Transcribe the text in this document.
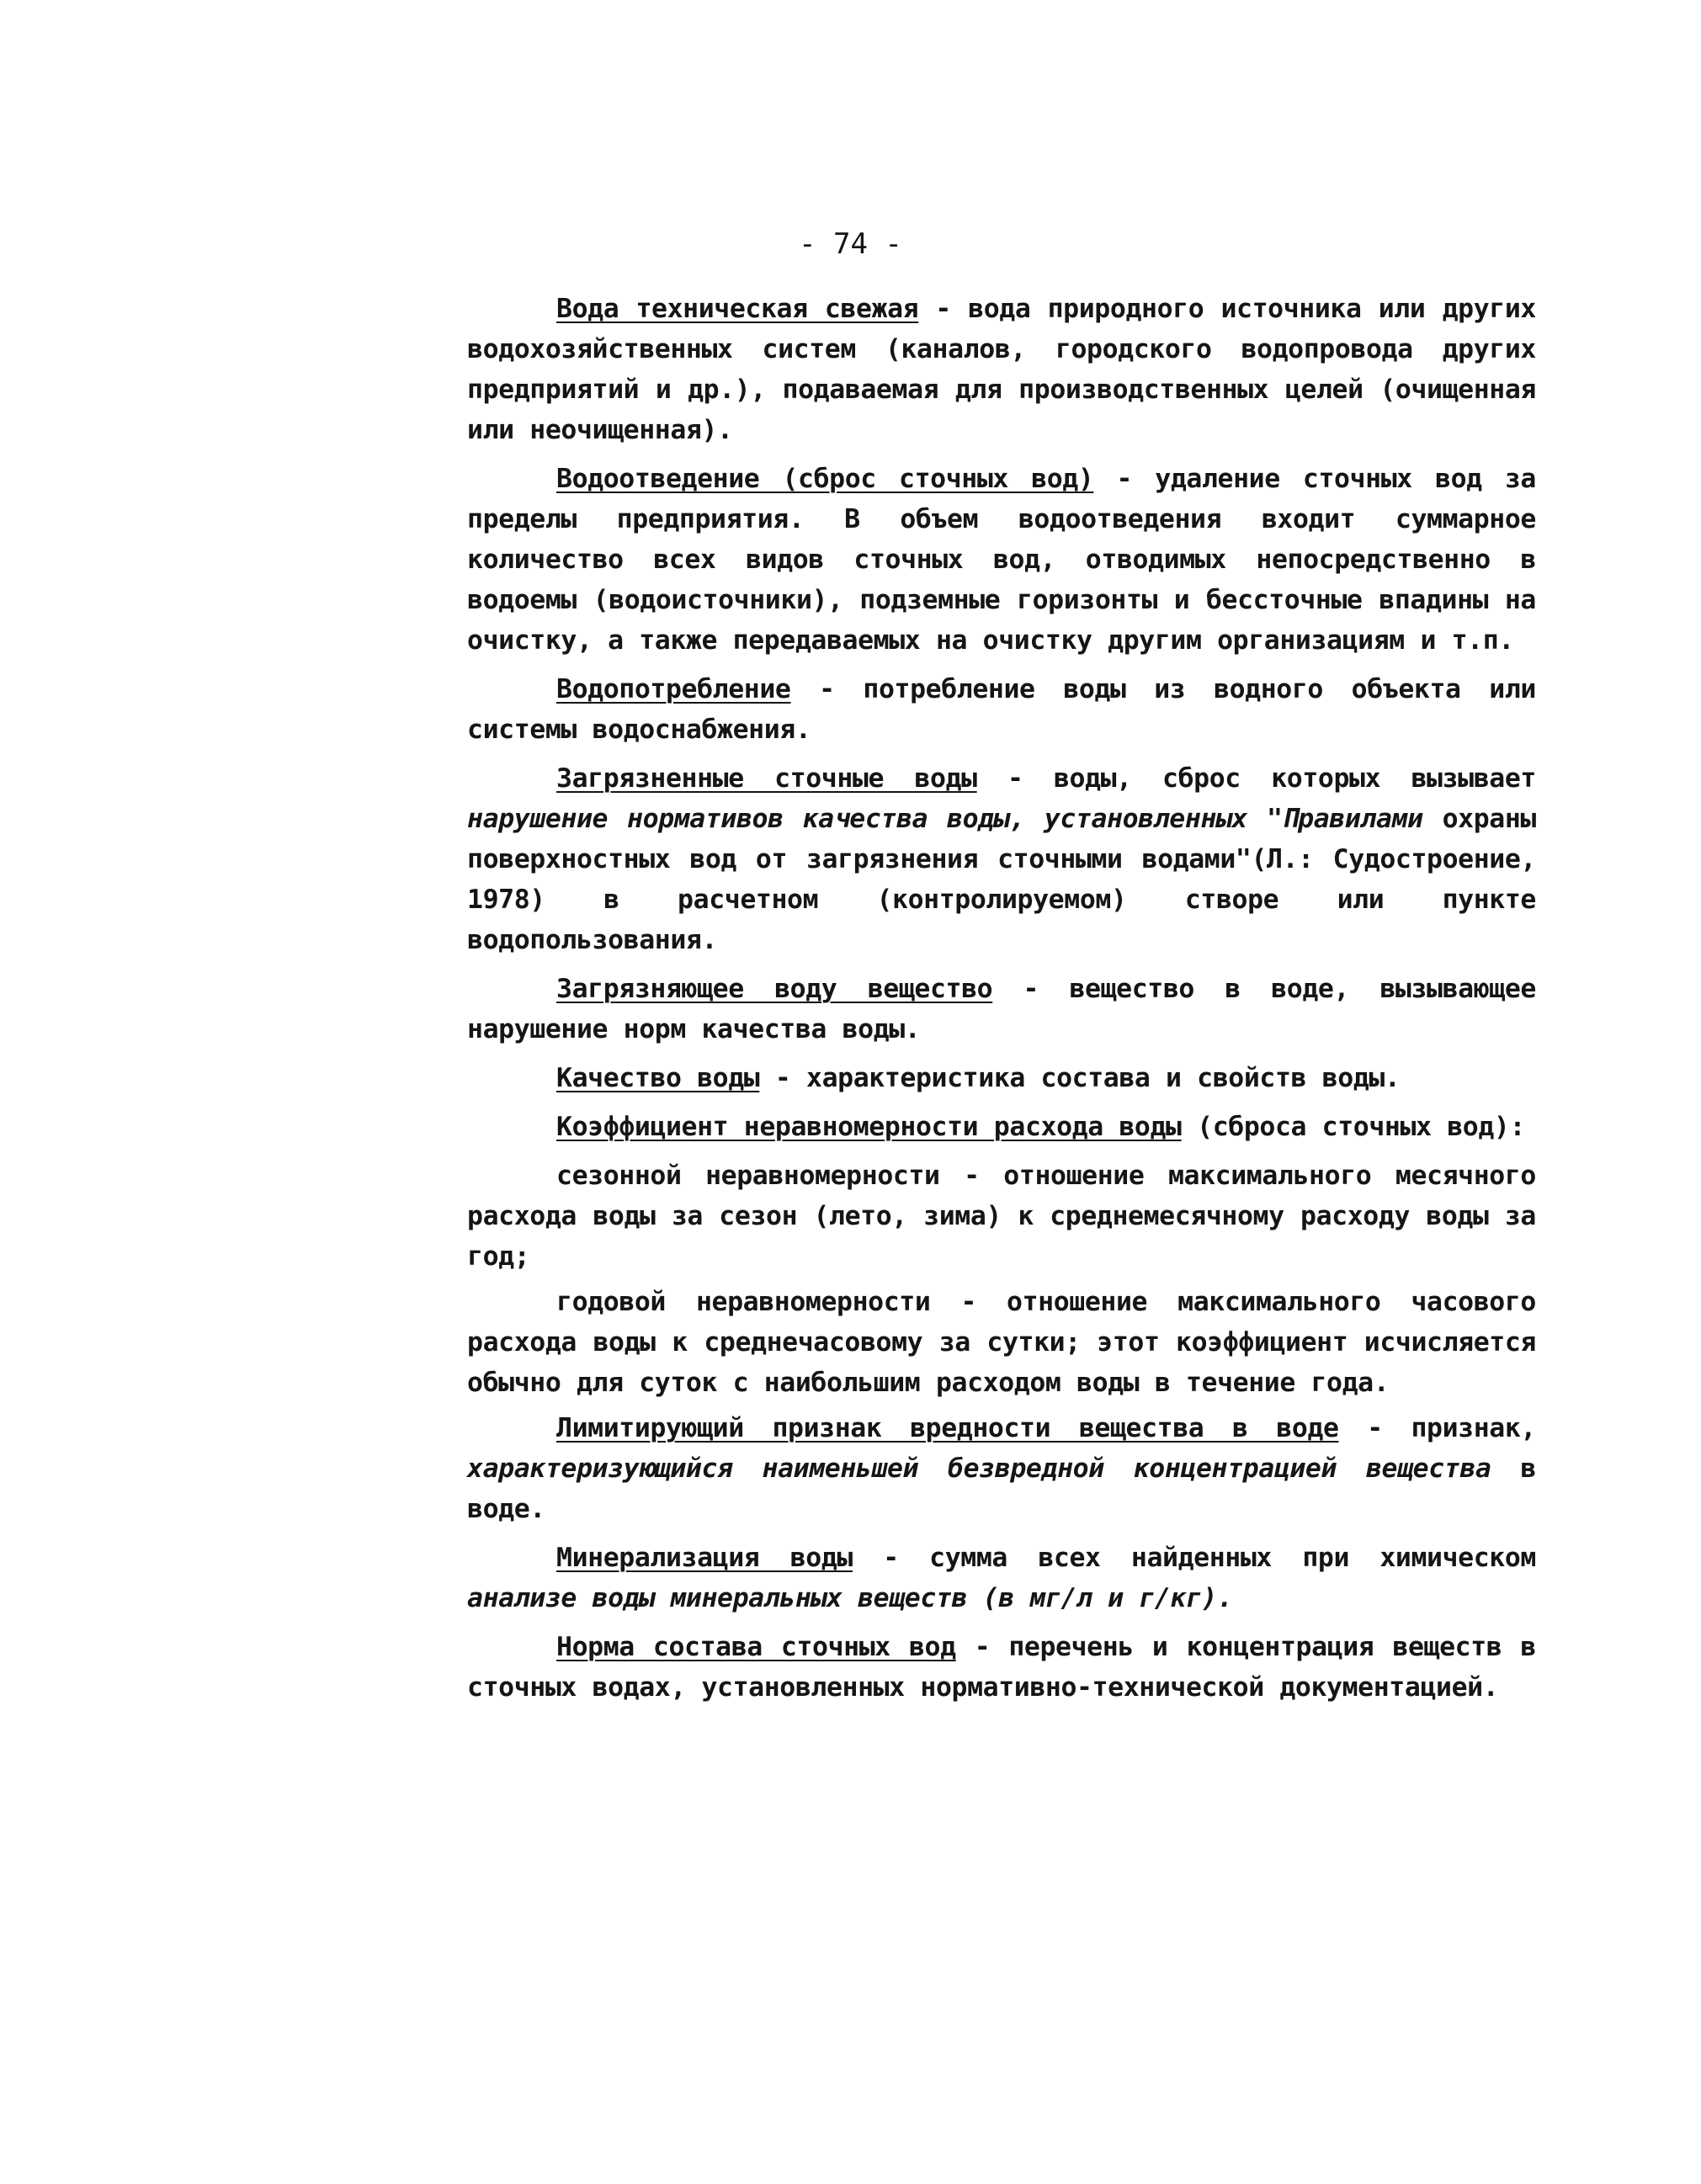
- 74 -

Вода техническая свежая - вода природного источника или других водохозяйственных систем (каналов, городского водопровода других предприятий и др.), подаваемая для производственных целей (очищенная или неочищенная).

Водоотведение (сброс сточных вод) - удаление сточных вод за пределы предприятия. В объем водоотведения входит суммарное количество всех видов сточных вод, отводимых непосредственно в водоемы (водоисточники), подземные горизонты и бессточные впадины на очистку, а также передаваемых на очистку другим организациям и т.п.

Водопотребление - потребление воды из водного объекта или системы водоснабжения.

Загрязненные сточные воды - воды, сброс которых вызывает нарушение нормативов качества воды, установленных "Правилами охраны поверхностных вод от загрязнения сточными водами"(Л.: Судостроение, 1978) в расчетном (контролируемом) створе или пункте водопользования.

Загрязняющее воду вещество - вещество в воде, вызывающее нарушение норм качества воды.

Качество воды - характеристика состава и свойств воды.

Коэффициент неравномерности расхода воды (сброса сточных вод):

сезонной неравномерности - отношение максимального месячного расхода воды за сезон (лето, зима) к среднемесячному расходу воды за год;

годовой неравномерности - отношение максимального часового расхода воды к среднечасовому за сутки; этот коэффициент исчисляется обычно для суток с наибольшим расходом воды в течение года.

Лимитирующий признак вредности вещества в воде - признак, характеризующийся наименьшей безвредной концентрацией вещества в воде.

Минерализация воды - сумма всех найденных при химическом анализе воды минеральных веществ (в мг/л и г/кг).

Норма состава сточных вод - перечень и концентрация веществ в сточных водах, установленных нормативно-технической документацией.
